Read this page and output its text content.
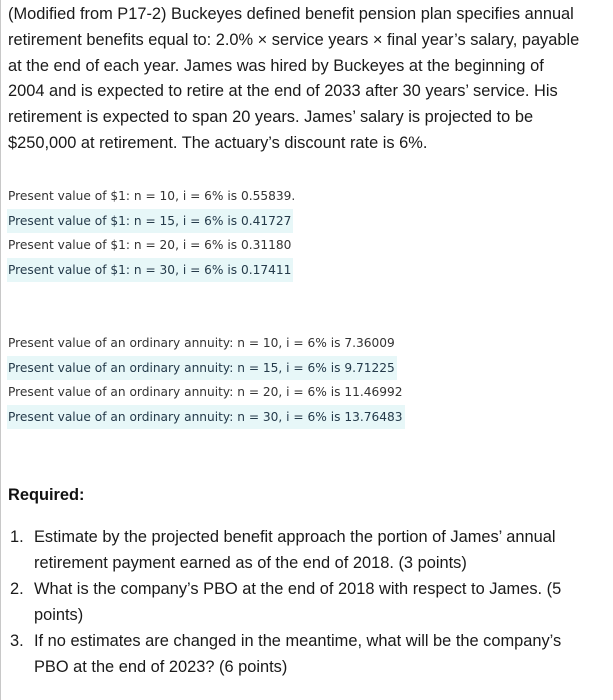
(Modified from P17-2) Buckeyes defined benefit pension plan specifies annual
retirement benefits equal to: 2.0% × service years × final year’s salary, payable
at the end of each year. James was hired by Buckeyes at the beginning of
2004 and is expected to retire at the end of 2033 after 30 years’ service. His
retirement is expected to span 20 years. James’ salary is projected to be
$250,000 at retirement. The actuary’s discount rate is 6%.
Present value of $1: n = 10, i = 6% is 0.55839.
Present value of $1: n = 15, i = 6% is 0.41727
Present value of $1: n = 20, i = 6% is 0.31180
Present value of $1: n = 30, i = 6% is 0.17411
Present value of an ordinary annuity: n = 10, i = 6% is 7.36009
Present value of an ordinary annuity: n = 15, i = 6% is 9.71225
Present value of an ordinary annuity: n = 20, i = 6% is 11.46992
Present value of an ordinary annuity: n = 30, i = 6% is 13.76483
Required:
1. Estimate by the projected benefit approach the portion of James’ annual
retirement payment earned as of the end of 2018. (3 points)
2. What is the company’s PBO at the end of 2018 with respect to James. (5
points)
3. If no estimates are changed in the meantime, what will be the company’s
PBO at the end of 2023? (6 points)
